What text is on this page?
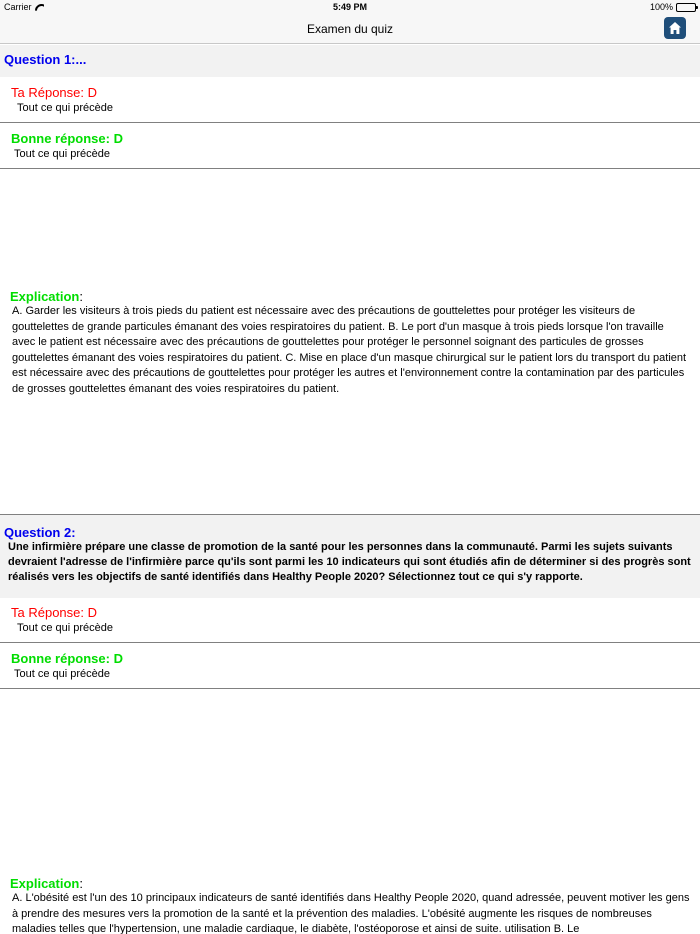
Carrier	5:49 PM	100%
Examen du quiz
Question 1:...
Ta Réponse: D
Tout ce qui précède
Bonne réponse: D
Tout ce qui précède
Explication:
A. Garder les visiteurs à trois pieds du patient est nécessaire avec des précautions de gouttelettes pour protéger les visiteurs de gouttelettes de grande particules émanant des voies respiratoires du patient. B. Le port d'un masque à trois pieds lorsque l'on travaille avec le patient est nécessaire avec des précautions de gouttelettes pour protéger le personnel soignant des particules de grosses gouttelettes émanant des voies respiratoires du patient. C. Mise en place d'un masque chirurgical sur le patient lors du transport du patient est nécessaire avec des précautions de gouttelettes pour protéger les autres et l'environnement contre la contamination par des particules de grosses gouttelettes émanant des voies respiratoires du patient.
Question 2:
Une infirmière prépare une classe de promotion de la santé pour les personnes dans la communauté. Parmi les sujets suivants devraient l'adresse de l'infirmière parce qu'ils sont parmi les 10 indicateurs qui sont étudiés afin de déterminer si des progrès sont réalisés vers les objectifs de santé identifiés dans Healthy People 2020? Sélectionnez tout ce qui s'y rapporte.
Ta Réponse: D
Tout ce qui précède
Bonne réponse: D
Tout ce qui précède
Explication:
A. L'obésité est l'un des 10 principaux indicateurs de santé identifiés dans Healthy People 2020, quand adressée, peuvent motiver les gens à prendre des mesures vers la promotion de la santé et la prévention des maladies. L'obésité augmente les risques de nombreuses maladies telles que l'hypertension, une maladie cardiaque, le diabète, l'ostéoporose et ainsi de suite. utilisation B. Le
